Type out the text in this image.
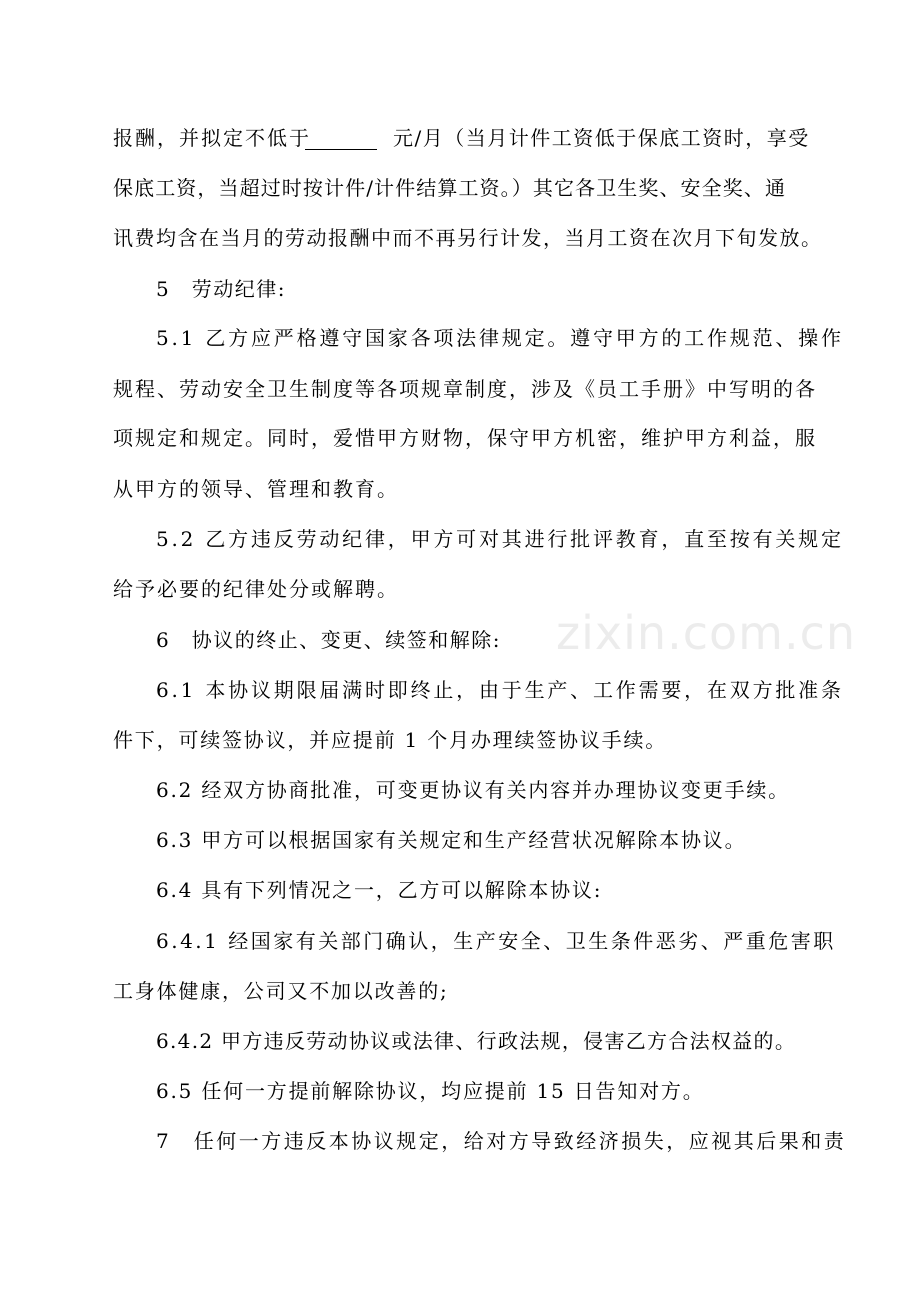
报酬，并拟定不低于	元/月（当月计件工资低于保底工资时，享受
保底工资，当超过时按计件/计件结算工资。）其它各卫生奖、安全奖、通
讯费均含在当月的劳动报酬中而不再另行计发，当月工资在次月下旬发放。
5　劳动纪律:
5.1 乙方应严格遵守国家各项法律规定。遵守甲方的工作规范、操作
规程、劳动安全卫生制度等各项规章制度，涉及《员工手册》中写明的各
项规定和规定。同时，爱惜甲方财物，保守甲方机密，维护甲方利益，服
从甲方的领导、管理和教育。
5.2 乙方违反劳动纪律，甲方可对其进行批评教育，直至按有关规定
给予必要的纪律处分或解聘。
6　协议的终止、变更、续签和解除:
6.1 本协议期限届满时即终止，由于生产、工作需要，在双方批准条
件下，可续签协议，并应提前 1 个月办理续签协议手续。
6.2 经双方协商批准，可变更协议有关内容并办理协议变更手续。
6.3 甲方可以根据国家有关规定和生产经营状况解除本协议。
6.4 具有下列情况之一，乙方可以解除本协议:
6.4.1 经国家有关部门确认，生产安全、卫生条件恶劣、严重危害职
工身体健康，公司又不加以改善的;
6.4.2 甲方违反劳动协议或法律、行政法规，侵害乙方合法权益的。
6.5 任何一方提前解除协议，均应提前 15 日告知对方。
7　任何一方违反本协议规定，给对方导致经济损失，应视其后果和责
zixin.com.cn
